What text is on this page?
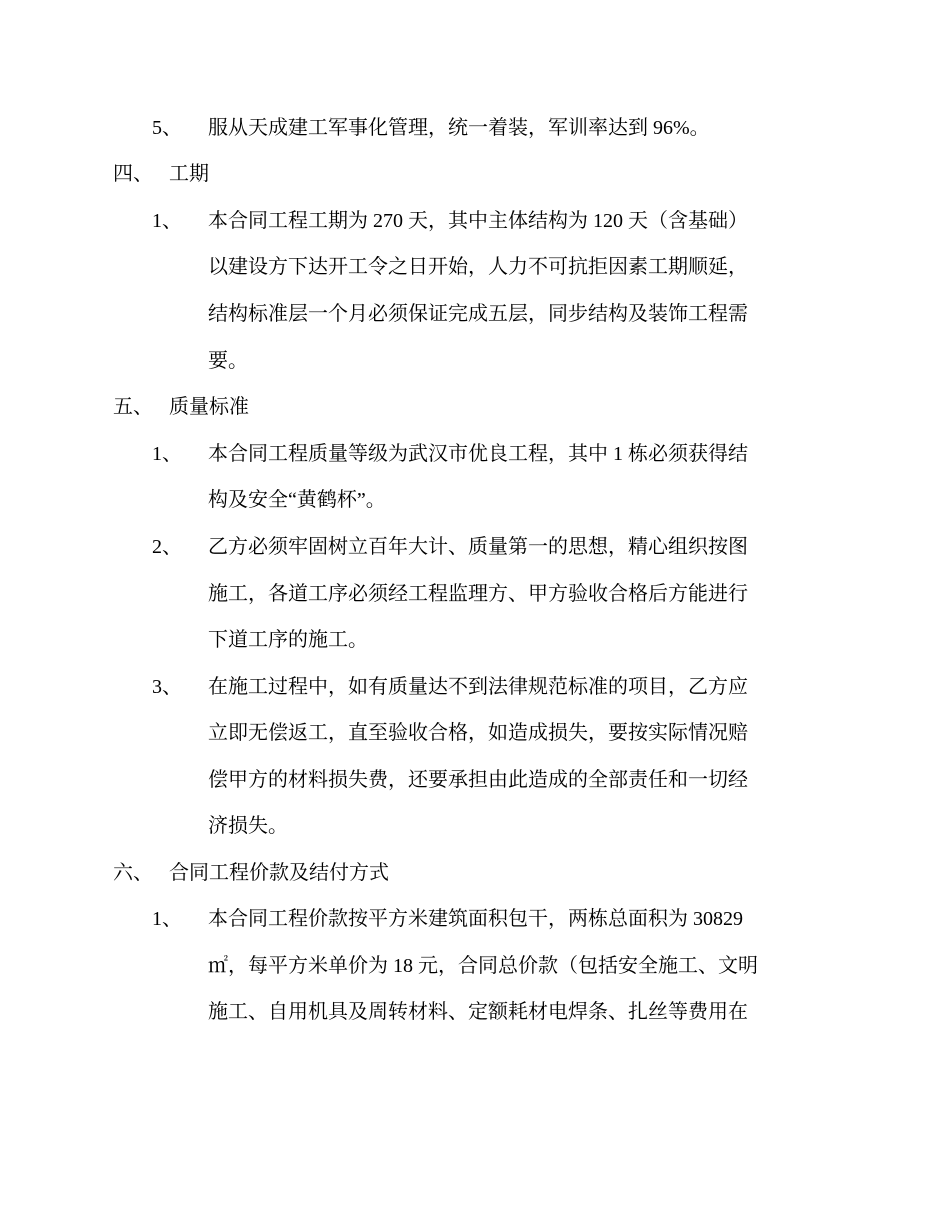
5、 服从天成建工军事化管理，统一着装，军训率达到 96%。
四、 工期
1、 本合同工程工期为 270 天，其中主体结构为 120 天（含基础）
以建设方下达开工令之日开始，人力不可抗拒因素工期顺延，
结构标准层一个月必须保证完成五层，同步结构及装饰工程需
要。
五、 质量标准
1、 本合同工程质量等级为武汉市优良工程，其中 1 栋必须获得结
构及安全“黄鹤杯”。
2、 乙方必须牢固树立百年大计、质量第一的思想，精心组织按图
施工，各道工序必须经工程监理方、甲方验收合格后方能进行
下道工序的施工。
3、 在施工过程中，如有质量达不到法律规范标准的项目，乙方应
立即无偿返工，直至验收合格，如造成损失，要按实际情况赔
偿甲方的材料损失费，还要承担由此造成的全部责任和一切经
济损失。
六、 合同工程价款及结付方式
1、 本合同工程价款按平方米建筑面积包干，两栋总面积为 30829
㎡，每平方米单价为 18 元，合同总价款（包括安全施工、文明
施工、自用机具及周转材料、定额耗材电焊条、扎丝等费用在
